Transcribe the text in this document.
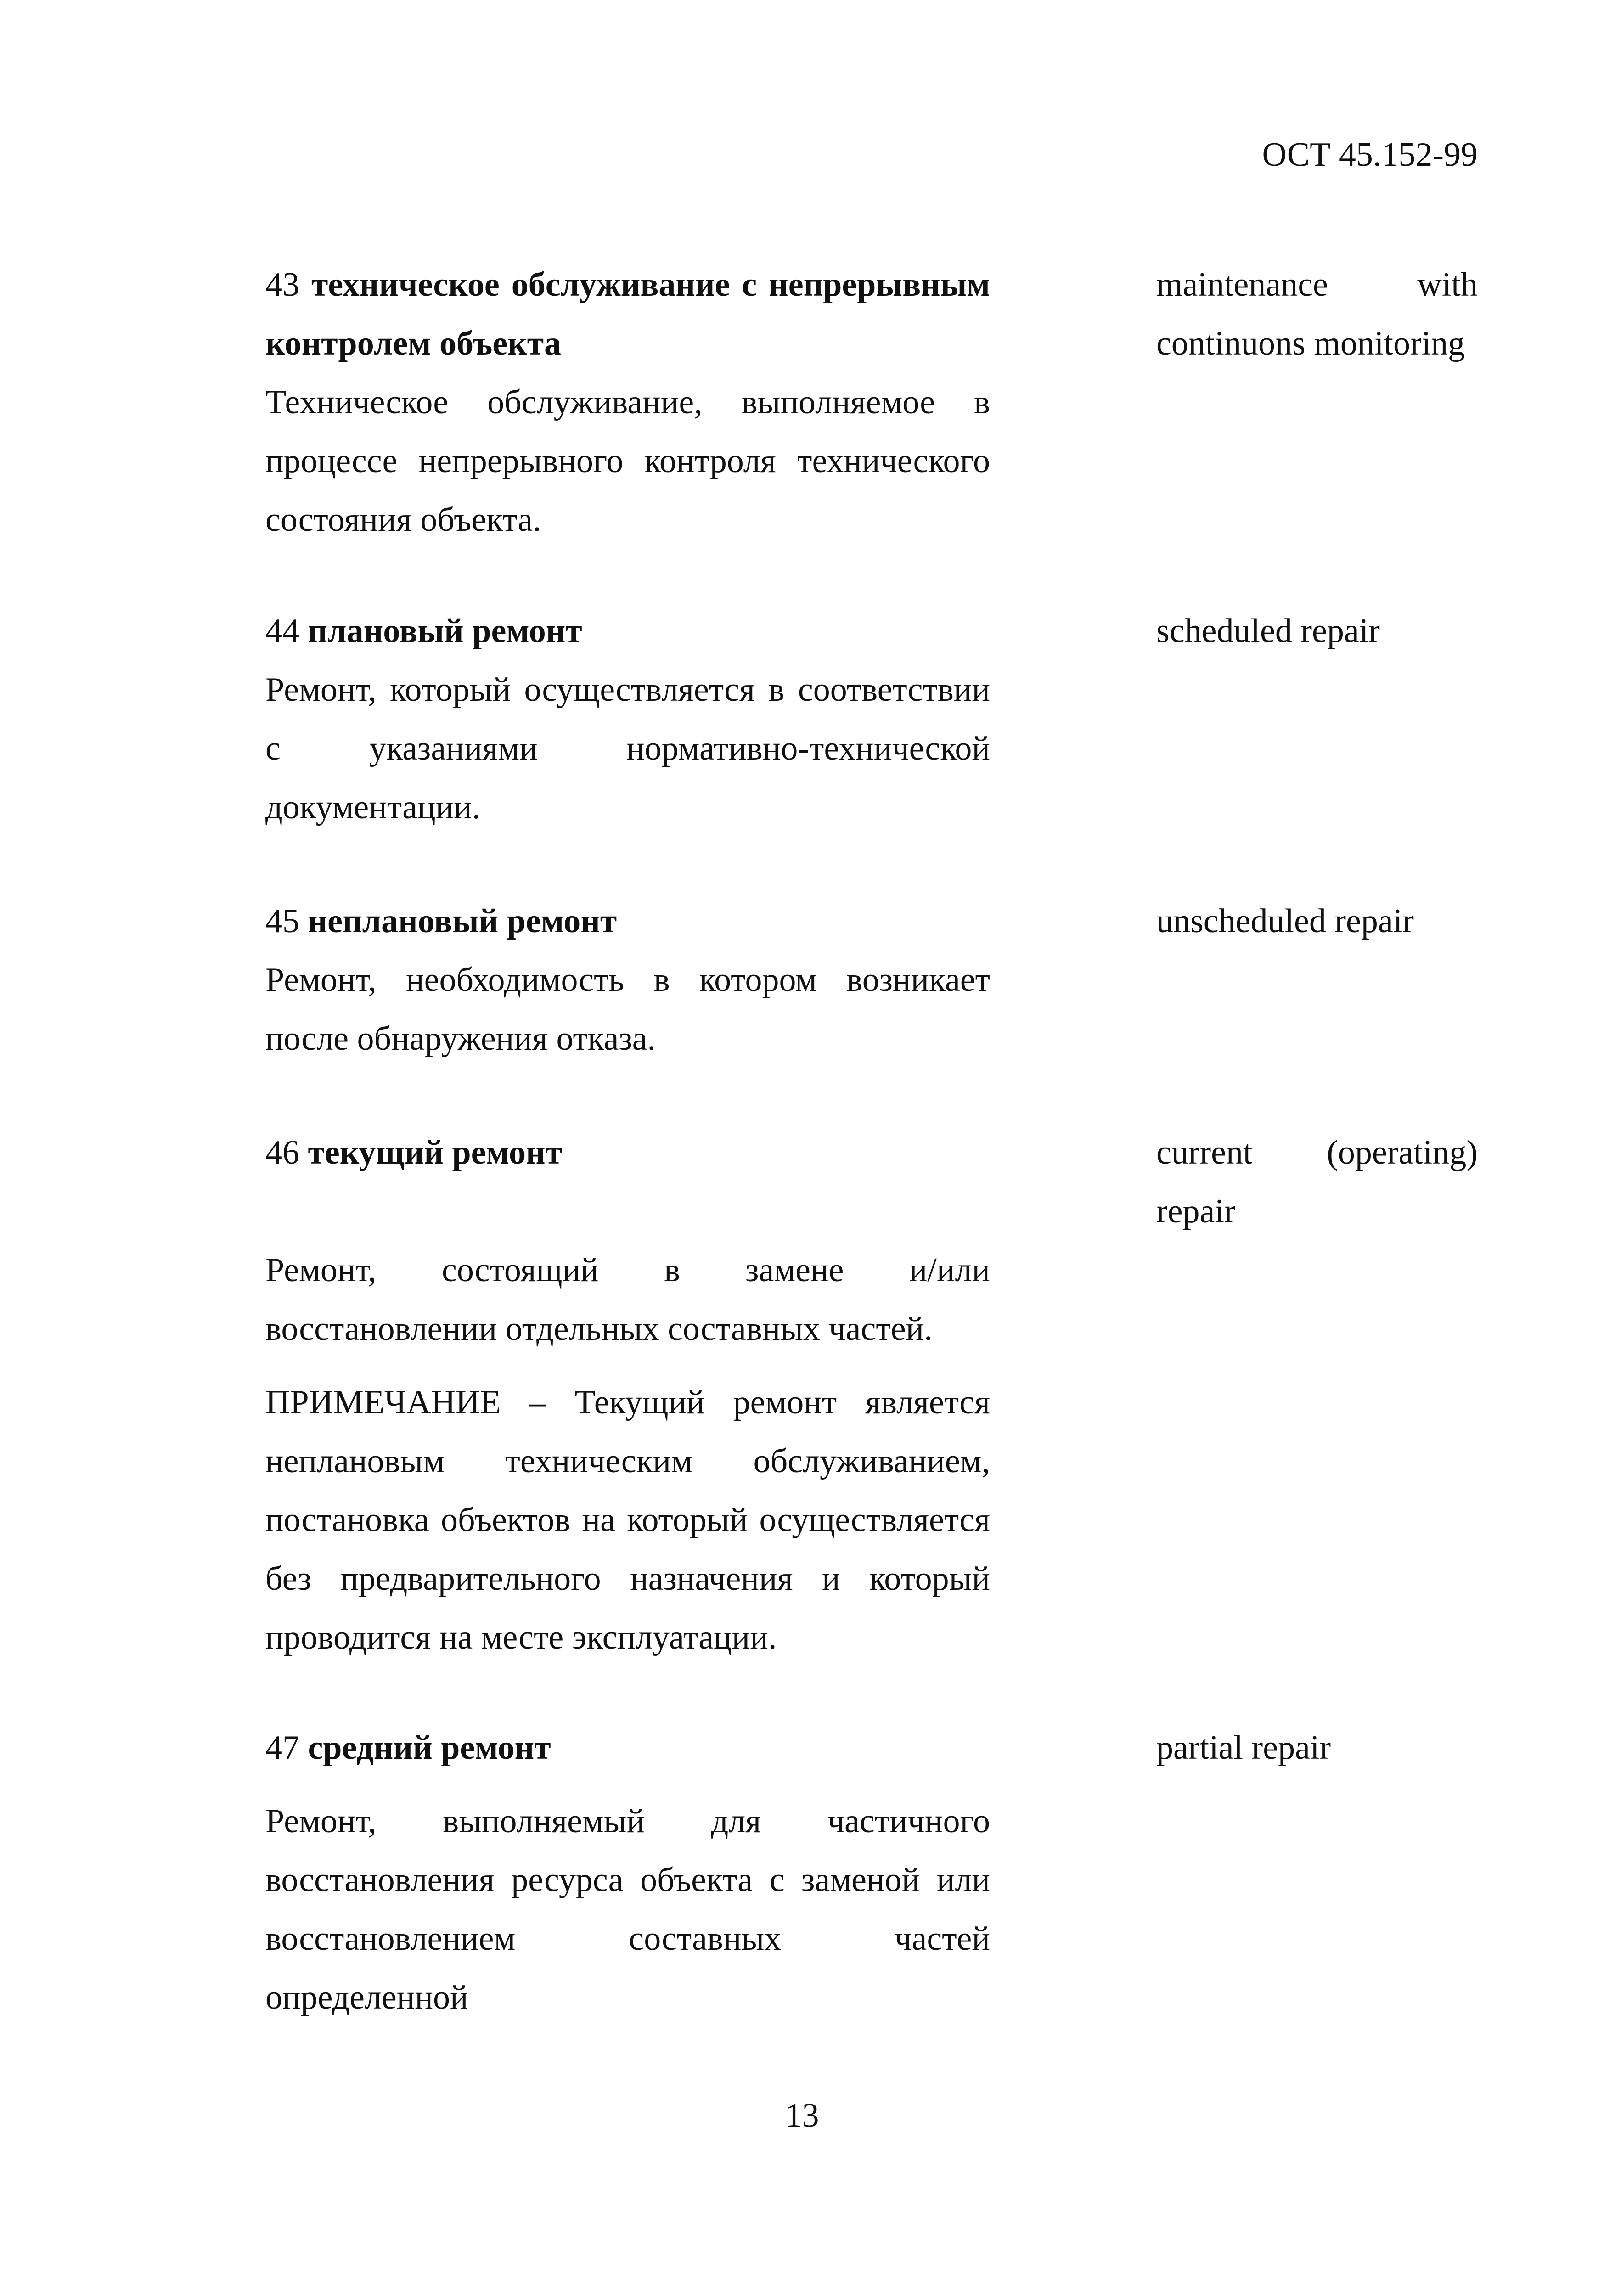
ОСТ 45.152-99

43 техническое обслуживание с непрерывным контролем объекта

Техническое обслуживание, выполняемое в процессе непрерывного контроля технического состояния объекта.

maintenance with continuons monitoring

44 плановый ремонт

Ремонт, который осуществляется в соответствии с указаниями нормативно-технической документации.

scheduled repair

45 неплановый ремонт

Ремонт, необходимость в котором возникает после обнаружения отказа.

unscheduled repair

46 текущий ремонт

Ремонт, состоящий в замене и/или восстановлении отдельных составных частей.

ПРИМЕЧАНИЕ – Текущий ремонт является неплановым техническим обслуживанием, постановка объектов на который осуществляется без предварительного назначения и который проводится на месте эксплуатации.

current (operating) repair

47 средний ремонт

Ремонт, выполняемый для частичного восстановления ресурса объекта с заменой или восстановлением составных частей определенной

partial repair

13
